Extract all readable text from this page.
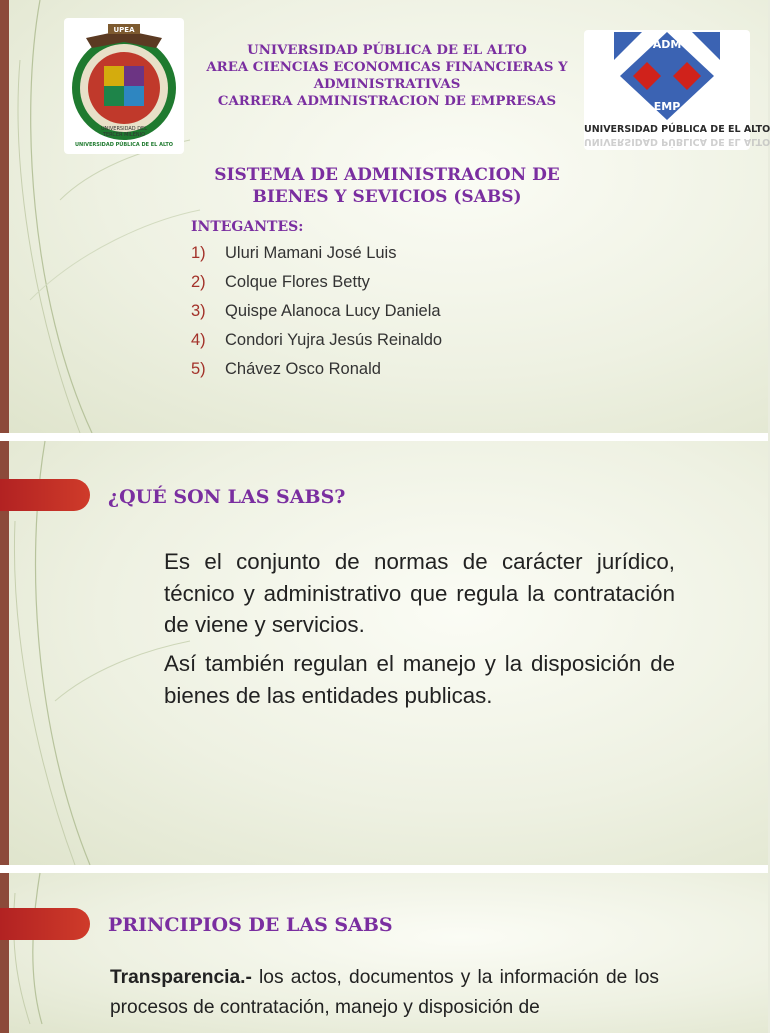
UPEA
UNIVERSIDAD PÚBLICA DE EL ALTO
UNIVERSIDAD DEL
TERCER MILENIO
ADM
EMP
UNIVERSIDAD PÚBLICA DE EL ALTO
UNIVERSIDAD PÚBLICA DE EL ALTO
UNIVERSIDAD PÚBLICA DE EL ALTO
AREA CIENCIAS ECONOMICAS FINANCIERAS Y
ADMINISTRATIVAS
CARRERA ADMINISTRACION DE EMPRESAS
SISTEMA DE ADMINISTRACION DE
BIENES Y SEVICIOS (SABS)
INTEGANTES:
1) Uluri Mamani José Luis
2) Colque Flores Betty
3) Quispe Alanoca Lucy Daniela
4) Condori Yujra Jesús Reinaldo
5) Chávez Osco Ronald
¿QUÉ SON LAS SABS?

Es el conjunto de normas de carácter jurídico, técnico y administrativo que regula la contratación de viene y servicios.

Así también regulan el manejo y la disposición de bienes de las entidades publicas.

PRINCIPIOS DE LAS SABS

Transparencia.- los actos, documentos y la información de los procesos de contratación, manejo y disposición de
